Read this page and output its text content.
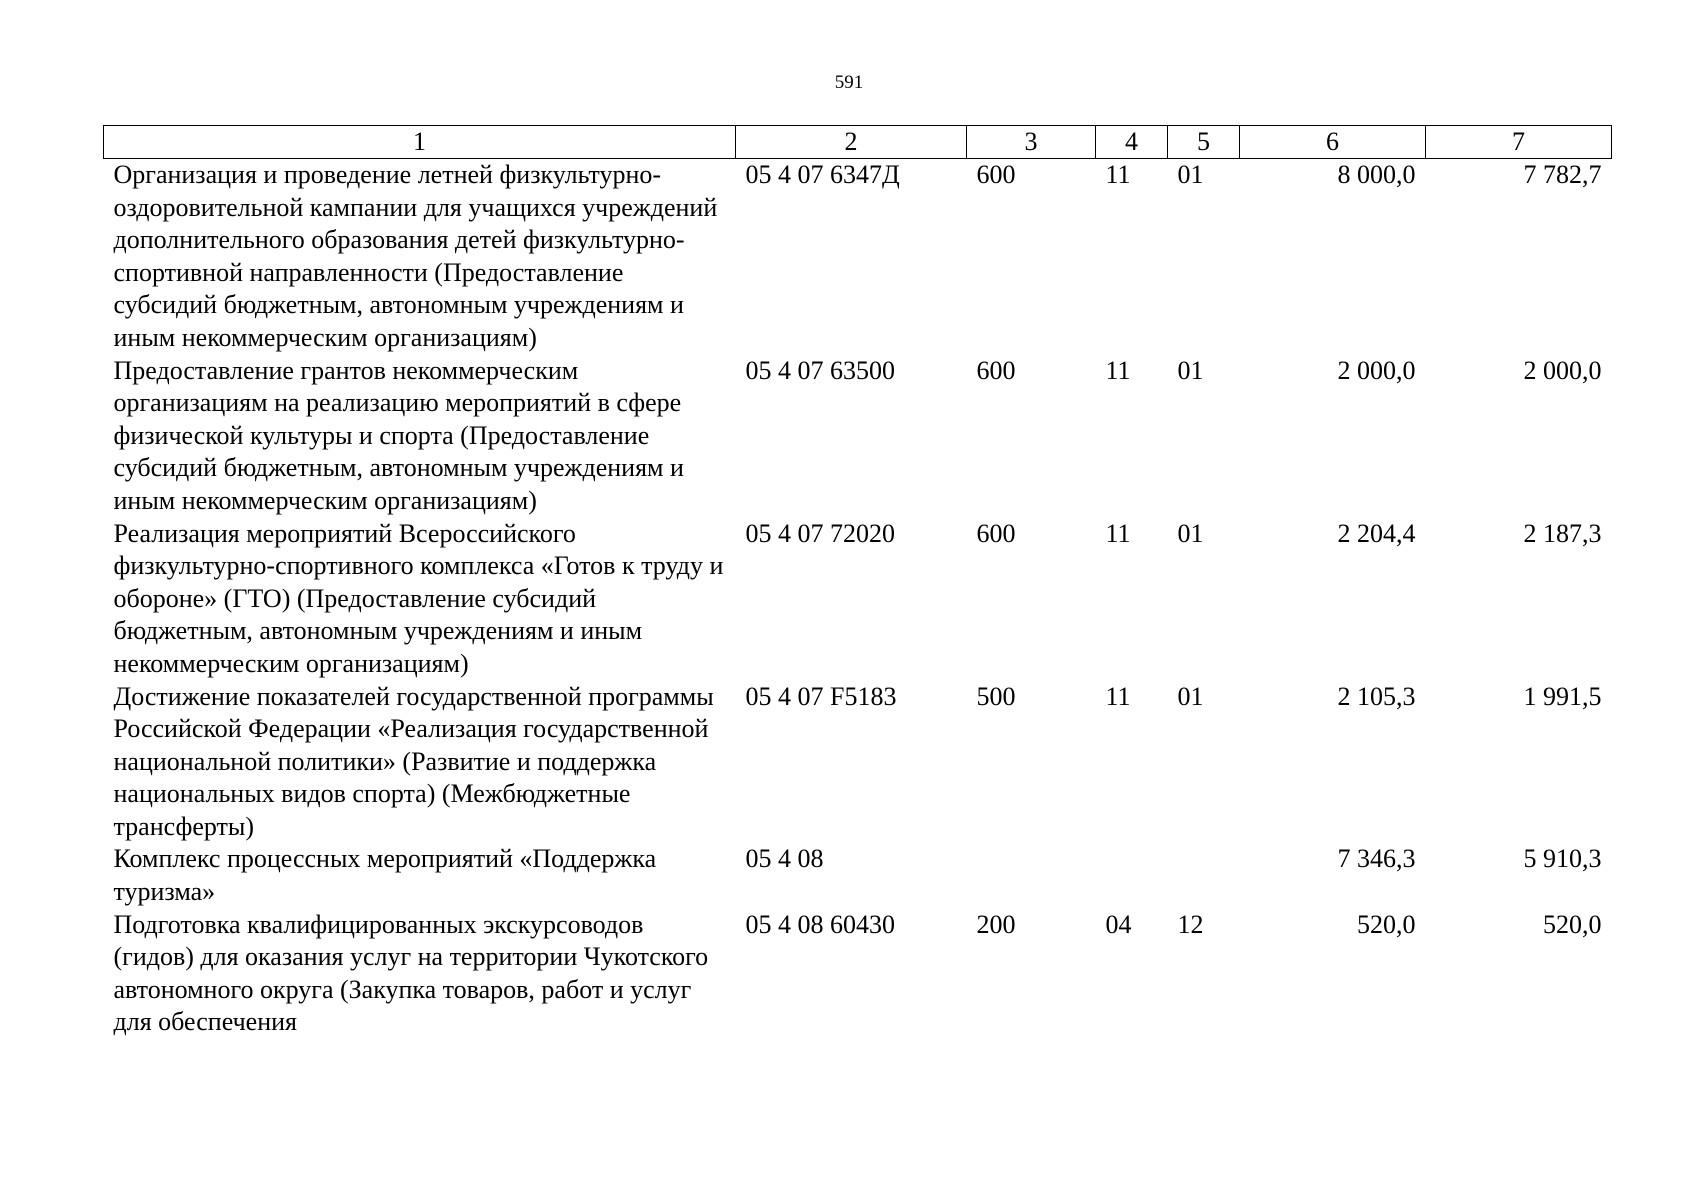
591
1	2	3	4	5	6	7
Организация и проведение летней физкультурно-оздоровительной кампании для учащихся учреждений дополнительного образования детей физкультурно-спортивной направленности (Предоставление субсидий бюджетным, автономным учреждениям и иным некоммерческим организациям)	05 4 07 6347Д	600	11	01	8 000,0	7 782,7
Предоставление грантов некоммерческим организациям на реализацию мероприятий в сфере физической культуры и спорта (Предоставление субсидий бюджетным, автономным учреждениям и иным некоммерческим организациям)	05 4 07 63500	600	11	01	2 000,0	2 000,0
Реализация мероприятий Всероссийского физкультурно-спортивного комплекса «Готов к труду и обороне» (ГТО) (Предоставление субсидий бюджетным, автономным учреждениям и иным некоммерческим организациям)	05 4 07 72020	600	11	01	2 204,4	2 187,3
Достижение показателей государственной программы Российской Федерации «Реализация государственной национальной политики» (Развитие и поддержка национальных видов спорта) (Межбюджетные трансферты)	05 4 07 F5183	500	11	01	2 105,3	1 991,5
Комплекс процессных мероприятий «Поддержка туризма»	05 4 08				7 346,3	5 910,3
Подготовка квалифицированных экскурсоводов (гидов) для оказания услуг на территории Чукотского автономного округа (Закупка товаров, работ и услуг для обеспечения	05 4 08 60430	200	04	12	520,0	520,0
